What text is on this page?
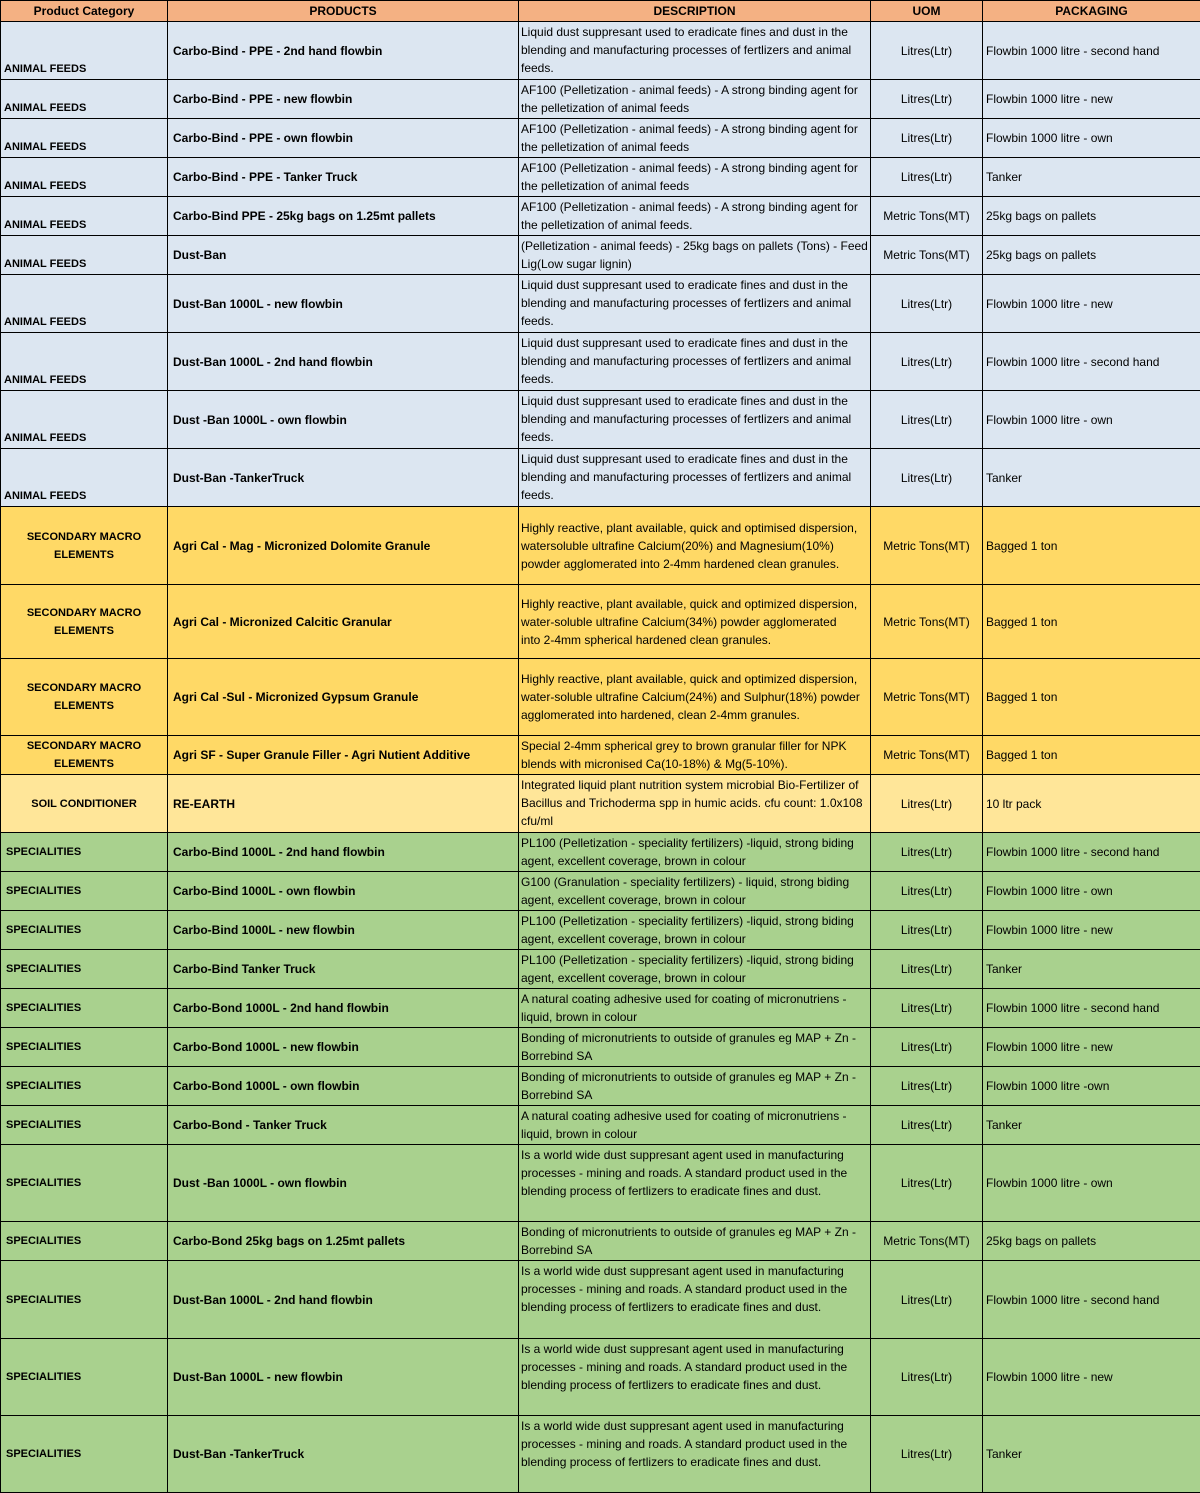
Product Category	PRODUCTS	DESCRIPTION	UOM	PACKAGING
ANIMAL FEEDS	Carbo-Bind - PPE - 2nd hand flowbin	Liquid dust suppresant used to eradicate fines and dust in the
blending and manufacturing processes of fertlizers and animal
feeds.	Litres(Ltr)	Flowbin 1000 litre - second hand
ANIMAL FEEDS	Carbo-Bind - PPE - new flowbin	AF100 (Pelletization - animal feeds) - A strong binding agent for the pelletization of animal feeds	Litres(Ltr)	Flowbin 1000 litre - new
ANIMAL FEEDS	Carbo-Bind - PPE - own flowbin	AF100 (Pelletization - animal feeds) - A strong binding agent for the pelletization of animal feeds	Litres(Ltr)	Flowbin 1000 litre - own
ANIMAL FEEDS	Carbo-Bind - PPE - Tanker Truck	AF100 (Pelletization - animal feeds) - A strong binding agent for the pelletization of animal feeds	Litres(Ltr)	Tanker
ANIMAL FEEDS	Carbo-Bind PPE - 25kg bags on 1.25mt pallets	AF100 (Pelletization - animal feeds) - A strong binding agent for the pelletization of animal feeds.	Metric Tons(MT)	25kg bags on pallets
ANIMAL FEEDS	Dust-Ban	(Pelletization - animal feeds) - 25kg bags on pallets (Tons) - Feed Lig(Low sugar lignin)	Metric Tons(MT)	25kg bags on pallets
ANIMAL FEEDS	Dust-Ban 1000L - new flowbin	Liquid dust suppresant used to eradicate fines and dust in the blending and manufacturing processes of fertlizers and animal feeds.	Litres(Ltr)	Flowbin 1000 litre - new
ANIMAL FEEDS	Dust-Ban 1000L - 2nd hand flowbin	Liquid dust suppresant used to eradicate fines and dust in the blending and manufacturing processes of fertlizers and animal feeds.	Litres(Ltr)	Flowbin 1000 litre - second hand
ANIMAL FEEDS	Dust -Ban 1000L - own flowbin	Liquid dust suppresant used to eradicate fines and dust in the blending and manufacturing processes of fertlizers and animal feeds.	Litres(Ltr)	Flowbin 1000 litre - own
ANIMAL FEEDS	Dust-Ban -TankerTruck	Liquid dust suppresant used to eradicate fines and dust in the blending and manufacturing processes of fertlizers and animal feeds.	Litres(Ltr)	Tanker

SECONDARY MACRO
ELEMENTS	Agri Cal - Mag - Micronized Dolomite Granule	Highly reactive, plant available, quick and optimised dispersion,
watersoluble ultrafine Calcium(20%) and Magnesium(10%)
powder agglomerated into 2-4mm hardened clean granules.	Metric Tons(MT)	Bagged 1 ton

SECONDARY MACRO
ELEMENTS	Agri Cal - Micronized Calcitic Granular	Highly reactive, plant available, quick and optimized dispersion,
water-soluble ultrafine Calcium(34%) powder agglomerated
into 2-4mm spherical hardened clean granules.	Metric Tons(MT)	Bagged 1 ton

SECONDARY MACRO
ELEMENTS	Agri Cal -Sul - Micronized Gypsum Granule	Highly reactive, plant available, quick and optimized dispersion,
water-soluble ultrafine Calcium(24%) and Sulphur(18%) powder
agglomerated into hardened, clean 2-4mm granules.	Metric Tons(MT)	Bagged 1 ton

SECONDARY MACRO
ELEMENTS	Agri SF - Super Granule Filler - Agri Nutient Additive	Special 2-4mm spherical grey to brown granular filler for NPK blends with micronised Ca(10-18%) & Mg(5-10%).	Metric Tons(MT)	Bagged 1 ton
SOIL CONDITIONER	RE-EARTH	Integrated liquid plant nutrition system microbial Bio-Fertilizer of Bacillus and Trichoderma spp in humic acids. cfu count: 1.0x108 cfu/ml	Litres(Ltr)	10 ltr pack
SPECIALITIES	Carbo-Bind 1000L - 2nd hand flowbin	PL100 (Pelletization - speciality fertilizers) -liquid, strong biding agent, excellent coverage, brown in colour	Litres(Ltr)	Flowbin 1000 litre - second hand
SPECIALITIES	Carbo-Bind 1000L - own flowbin	G100 (Granulation - speciality fertilizers) - liquid, strong biding agent, excellent coverage, brown in colour	Litres(Ltr)	Flowbin 1000 litre - own
SPECIALITIES	Carbo-Bind 1000L - new flowbin	PL100 (Pelletization - speciality fertilizers) -liquid, strong biding agent, excellent coverage, brown in colour	Litres(Ltr)	Flowbin 1000 litre - new
SPECIALITIES	Carbo-Bind Tanker Truck	PL100 (Pelletization - speciality fertilizers) -liquid, strong biding agent, excellent coverage, brown in colour	Litres(Ltr)	Tanker
SPECIALITIES	Carbo-Bond 1000L - 2nd hand flowbin	A natural coating adhesive used for coating of micronutriens - liquid, brown in colour	Litres(Ltr)	Flowbin 1000 litre - second hand
SPECIALITIES	Carbo-Bond 1000L - new flowbin	Bonding of micronutrients to outside of granules eg MAP + Zn - Borrebind SA	Litres(Ltr)	Flowbin 1000 litre - new
SPECIALITIES	Carbo-Bond 1000L - own flowbin	Bonding of micronutrients to outside of granules eg MAP + Zn - Borrebind SA	Litres(Ltr)	Flowbin 1000 litre -own
SPECIALITIES	Carbo-Bond - Tanker Truck	A natural coating adhesive used for coating of micronutriens - liquid, brown in colour	Litres(Ltr)	Tanker
SPECIALITIES	Dust -Ban 1000L - own flowbin	Is a world wide dust suppresant agent used in manufacturing processes - mining and roads. A standard product used in the blending process of fertlizers to eradicate fines and dust.	Litres(Ltr)	Flowbin 1000 litre - own
SPECIALITIES	Carbo-Bond 25kg bags on 1.25mt pallets	Bonding of micronutrients to outside of granules eg MAP + Zn - Borrebind SA	Metric Tons(MT)	25kg bags on pallets
SPECIALITIES	Dust-Ban 1000L - 2nd hand flowbin	Is a world wide dust suppresant agent used in manufacturing processes - mining and roads. A standard product used in the blending process of fertlizers to eradicate fines and dust.	Litres(Ltr)	Flowbin 1000 litre - second hand
SPECIALITIES	Dust-Ban 1000L - new flowbin	Is a world wide dust suppresant agent used in manufacturing processes - mining and roads. A standard product used in the blending process of fertlizers to eradicate fines and dust.	Litres(Ltr)	Flowbin 1000 litre - new
SPECIALITIES	Dust-Ban -TankerTruck	Is a world wide dust suppresant agent used in manufacturing processes - mining and roads. A standard product used in the blending process of fertlizers to eradicate fines and dust.	Litres(Ltr)	Tanker
